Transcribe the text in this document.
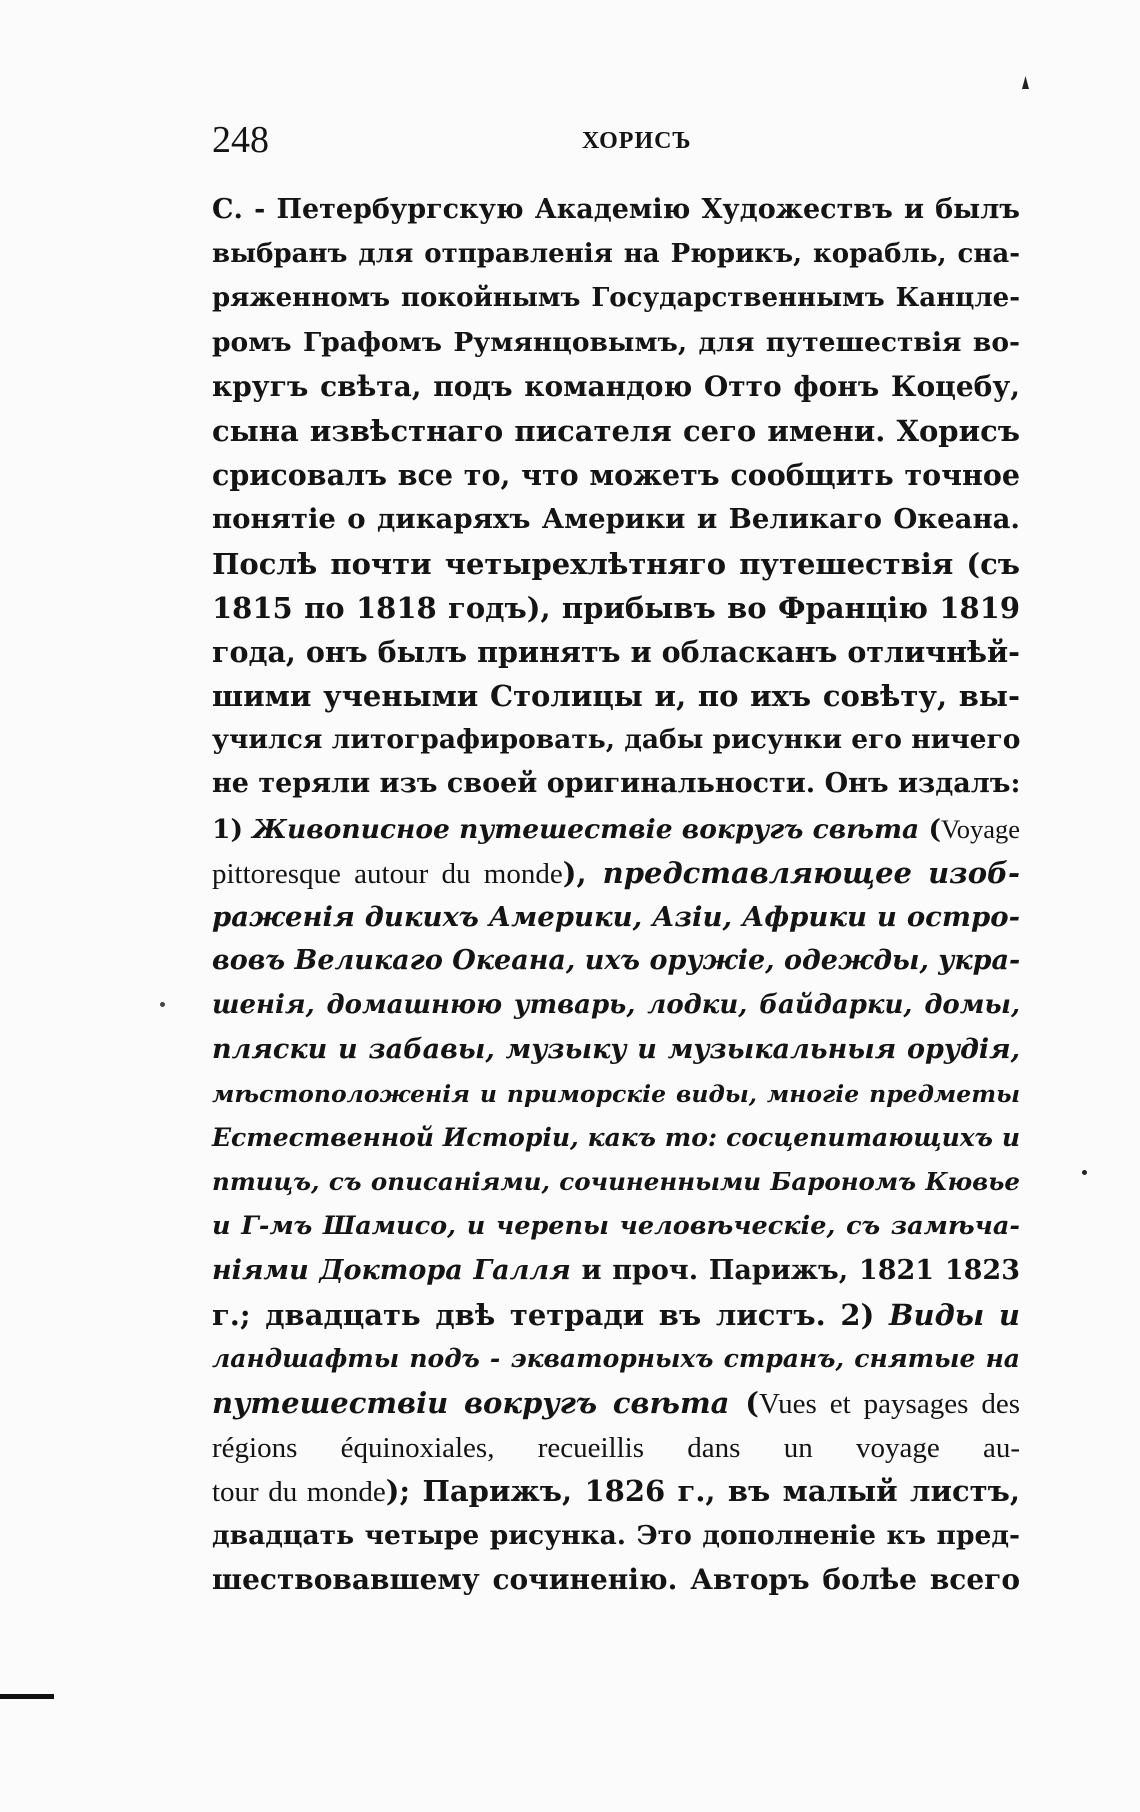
248	ХОРИСЪ
С. - Петербургскую Академію Художествъ и былъ
выбранъ для отправленія на Рюрикъ, корабль, сна-
ряженномъ покойнымъ Государственнымъ Канцле-
ромъ Графомъ Румянцовымъ, для путешествія во-
кругъ свѣта, подъ командою Отто фонъ Коцебу,
сына извѣстнаго писателя сего имени. Хорисъ
срисовалъ все то, что можетъ сообщить точное
понятіе о дикаряхъ Америки и Великаго Океана.
Послѣ почти четырехлѣтняго путешествія (съ
1815 по 1818 годъ), прибывъ во Францію 1819
года, онъ былъ принятъ и обласканъ отличнѣй-
шими учеными Столицы и, по ихъ совѣту, вы-
учился литографировать, дабы рисунки его ничего
не теряли изъ своей оригинальности. Онъ издалъ:
1) Живописное путешествіе вокругъ свѣта (Voyage
pittoresque autour du monde), представляющее изоб-
раженія дикихъ Америки, Азіи, Африки и остро-
вовъ Великаго Океана, ихъ оружіе, одежды, укра-
шенія, домашнюю утварь, лодки, байдарки, домы,
пляски и забавы, музыку и музыкальныя орудія,
мѣстоположенія и приморскіе виды, многіе предметы
Естественной Исторіи, какъ то: сосцепитающихъ и
птицъ, съ описаніями, сочиненными Барономъ Кювье
и Г-мъ Шамисо, и черепы человѣческіе, съ замѣча-
ніями Доктора Галля и проч. Парижъ, 1821 1823
г.; двадцать двѣ тетради въ листъ. 2) Виды и
ландшафты подъ - экваторныхъ странъ, снятые на
путешествіи вокругъ свѣта (Vues et paysages des
régions équinoxiales, recueillis dans un voyage au-
tour du monde); Парижъ, 1826 г., въ малый листъ,
двадцать четыре рисунка. Это дополненіе къ пред-
шествовавшему сочиненію. Авторъ болѣе всего
